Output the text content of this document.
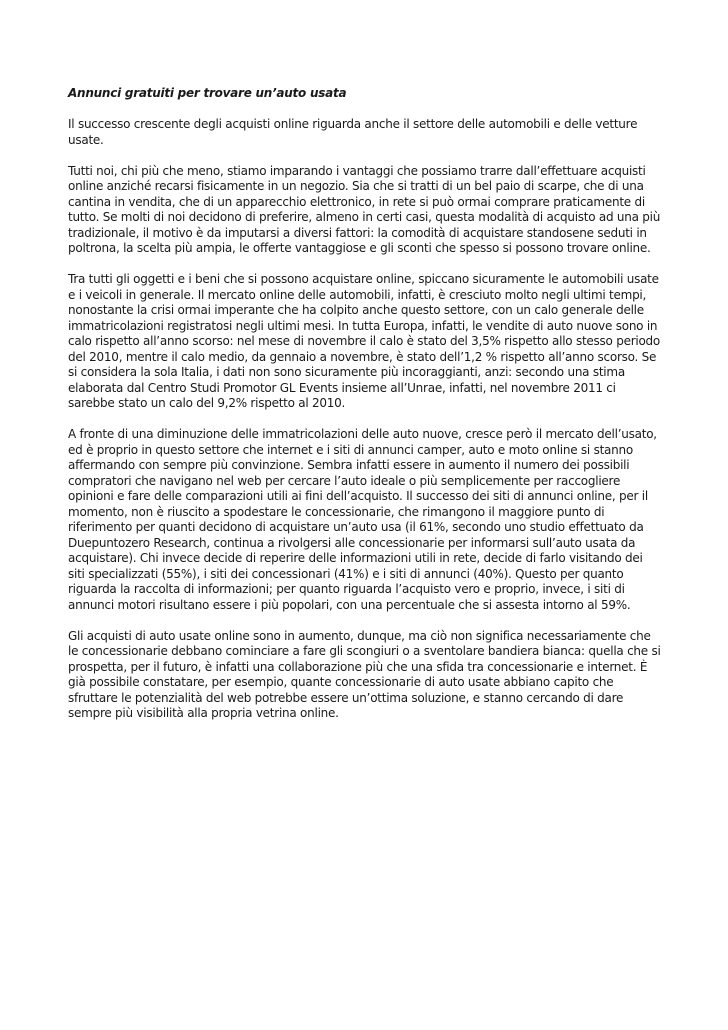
Annunci gratuiti per trovare un’auto usata

Il successo crescente degli acquisti online riguarda anche il settore delle automobili e delle vetture usate.

Tutti noi, chi più che meno, stiamo imparando i vantaggi che possiamo trarre dall’effettuare acquisti online anziché recarsi fisicamente in un negozio. Sia che si tratti di un bel paio di scarpe, che di una cantina in vendita, che di un apparecchio elettronico, in rete si può ormai comprare praticamente di tutto. Se molti di noi decidono di preferire, almeno in certi casi, questa modalità di acquisto ad una più tradizionale, il motivo è da imputarsi a diversi fattori: la comodità di acquistare standosene seduti in poltrona, la scelta più ampia, le offerte vantaggiose e gli sconti che spesso si possono trovare online.

Tra tutti gli oggetti e i beni che si possono acquistare online, spiccano sicuramente le automobili usate e i veicoli in generale. Il mercato online delle automobili, infatti, è cresciuto molto negli ultimi tempi, nonostante la crisi ormai imperante che ha colpito anche questo settore, con un calo generale delle immatricolazioni registratosi negli ultimi mesi. In tutta Europa, infatti, le vendite di auto nuove sono in calo rispetto all’anno scorso: nel mese di novembre il calo è stato del 3,5% rispetto allo stesso periodo del 2010, mentre il calo medio, da gennaio a novembre, è stato dell’1,2 % rispetto all’anno scorso. Se si considera la sola Italia, i dati non sono sicuramente più incoraggianti, anzi: secondo una stima elaborata dal Centro Studi Promotor GL Events insieme all’Unrae, infatti, nel novembre 2011 ci sarebbe stato un calo del 9,2% rispetto al 2010.

A fronte di una diminuzione delle immatricolazioni delle auto nuove, cresce però il mercato dell’usato, ed è proprio in questo settore che internet e i siti di annunci camper, auto e moto online si stanno affermando con sempre più convinzione. Sembra infatti essere in aumento il numero dei possibili compratori che navigano nel web per cercare l’auto ideale o più semplicemente per raccogliere opinioni e fare delle comparazioni utili ai fini dell’acquisto. Il successo dei siti di annunci online, per il momento, non è riuscito a spodestare le concessionarie, che rimangono il maggiore punto di riferimento per quanti decidono di acquistare un’auto usa (il 61%, secondo uno studio effettuato da Duepuntozero Research, continua a rivolgersi alle concessionarie per informarsi sull’auto usata da acquistare). Chi invece decide di reperire delle informazioni utili in rete, decide di farlo visitando dei siti specializzati (55%), i siti dei concessionari (41%) e i siti di annunci (40%). Questo per quanto riguarda la raccolta di informazioni; per quanto riguarda l’acquisto vero e proprio, invece, i siti di annunci motori risultano essere i più popolari, con una percentuale che si assesta intorno al 59%.

Gli acquisti di auto usate online sono in aumento, dunque, ma ciò non significa necessariamente che le concessionarie debbano cominciare a fare gli scongiuri o a sventolare bandiera bianca: quella che si prospetta, per il futuro, è infatti una collaborazione più che una sfida tra concessionarie e internet. È già possibile constatare, per esempio, quante concessionarie di auto usate abbiano capito che sfruttare le potenzialità del web potrebbe essere un’ottima soluzione, e stanno cercando di dare sempre più visibilità alla propria vetrina online.
